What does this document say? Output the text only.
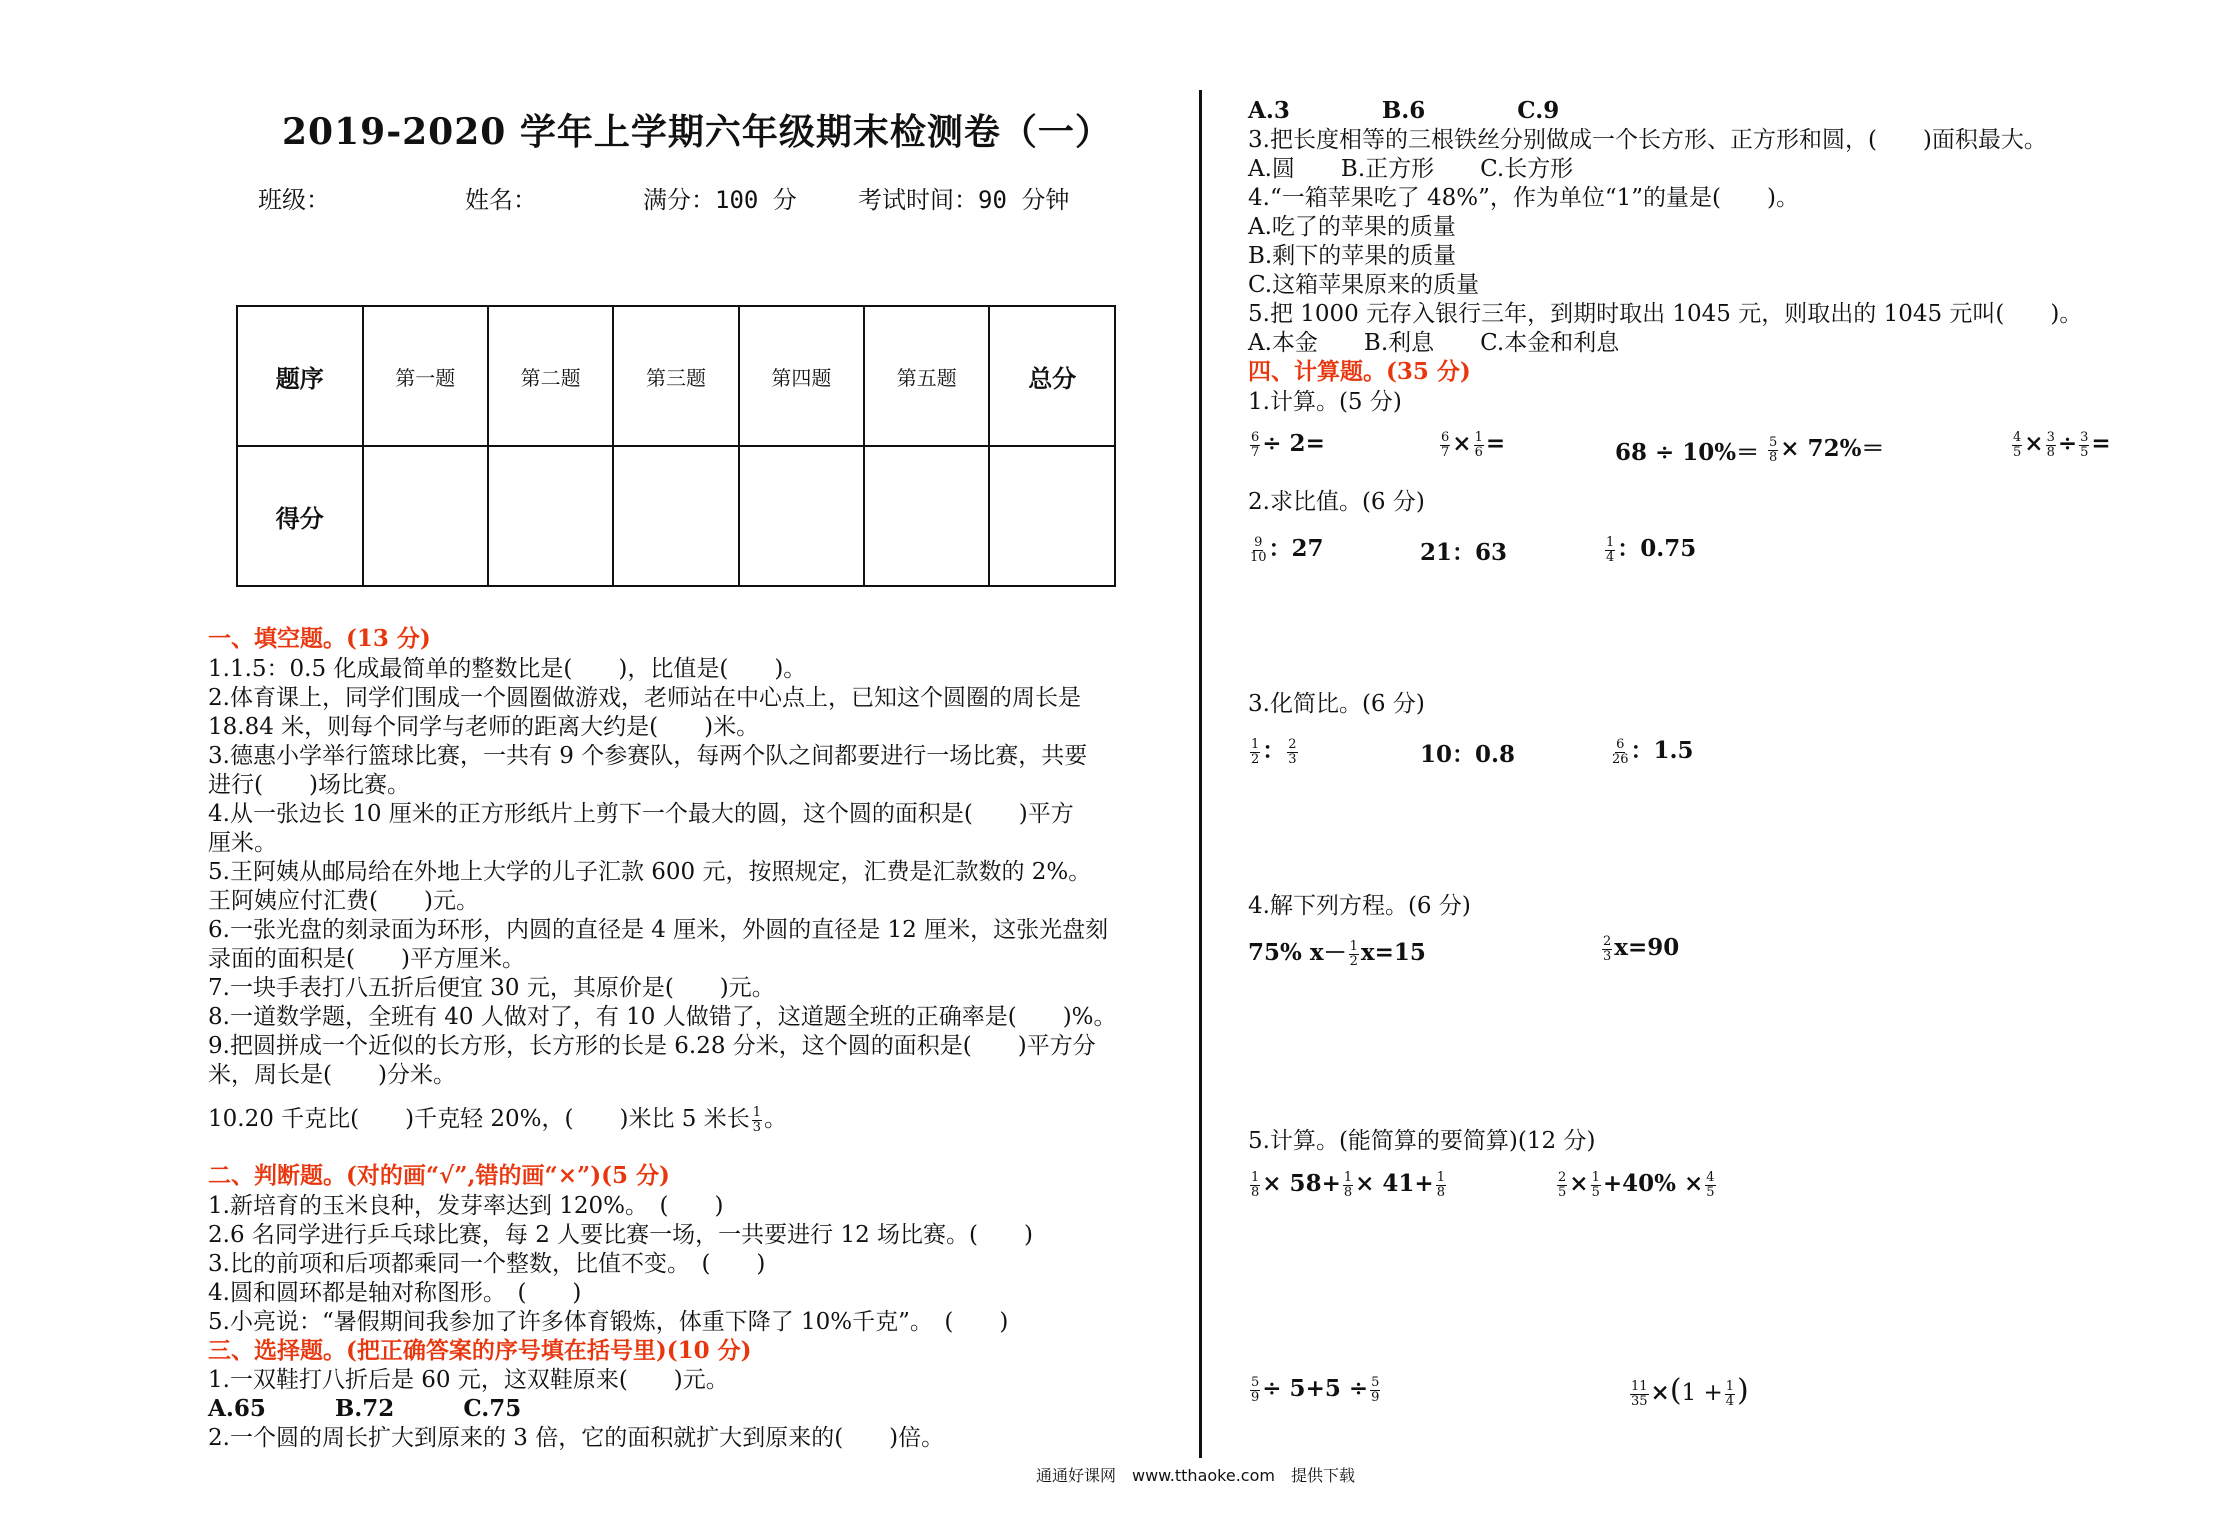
2019-2020 学年上学期六年级期末检测卷（一）
班级：	姓名：	满分：100 分	考试时间：90 分钟
题序	第一题	第二题	第三题	第四题	第五题	总分
得分						
一、填空题。(13 分)
1.1.5：0.5 化成最简单的整数比是(　　)，比值是(　　)。
2.体育课上，同学们围成一个圆圈做游戏，老师站在中心点上，已知这个圆圈的周长是
18.84 米，则每个同学与老师的距离大约是(　　)米。
3.德惠小学举行篮球比赛，一共有 9 个参赛队，每两个队之间都要进行一场比赛，共要
进行(　　)场比赛。
4.从一张边长 10 厘米的正方形纸片上剪下一个最大的圆，这个圆的面积是(　　)平方
厘米。
5.王阿姨从邮局给在外地上大学的儿子汇款 600 元，按照规定，汇费是汇款数的 2%。
王阿姨应付汇费(　　)元。
6.一张光盘的刻录面为环形，内圆的直径是 4 厘米，外圆的直径是 12 厘米，这张光盘刻
录面的面积是(　　)平方厘米。
7.一块手表打八五折后便宜 30 元，其原价是(　　)元。
8.一道数学题，全班有 40 人做对了，有 10 人做错了，这道题全班的正确率是(　　)%。
9.把圆拼成一个近似的长方形，长方形的长是 6.28 分米，这个圆的面积是(　　)平方分
米，周长是(　　)分米。
10.20 千克比(　　)千克轻 20%，(　　)米比 5 米长 $\frac{1}{3}$ 。
二、判断题。(对的画“√”,错的画“×”)(5 分)
1.新培育的玉米良种，发芽率达到 120%。　(　　)
2.6 名同学进行乒乓球比赛，每 2 人要比赛一场，一共要进行 12 场比赛。(　　)
3.比的前项和后项都乘同一个整数，比值不变。　(　　)
4.圆和圆环都是轴对称图形。　(　　)
5.小亮说：“暑假期间我参加了许多体育锻炼，体重下降了 10%千克”。　(　　)
三、选择题。(把正确答案的序号填在括号里)(10 分)
1.一双鞋打八折后是 60 元，这双鞋原来(　　)元。
A.65　　　B.72　　　C.75
2.一个圆的周长扩大到原来的 3 倍，它的面积就扩大到原来的(　　)倍。
A.3　　　　B.6　　　　C.9
3.把长度相等的三根铁丝分别做成一个长方形、正方形和圆，(　　)面积最大。
A.圆　　B.正方形　　C.长方形
4.“一箱苹果吃了 48%”，作为单位“1”的量是(　　)。
A.吃了的苹果的质量
B.剩下的苹果的质量
C.这箱苹果原来的质量
5.把 1000 元存入银行三年，到期时取出 1045 元，则取出的 1045 元叫(　　)。
A.本金　　B.利息　　C.本金和利息
四、计算题。(35 分)
1.计算。(5 分)
$\frac{6}{7} \div 2=$	$\frac{6}{7} \times \frac{1}{6}$ =	$68 \div 10\%= \frac{5}{8} \times 72\%=$	$\frac{4}{5} \times \frac{3}{8} \div \frac{3}{5}$ =
2.求比值。(6 分)
$\frac{9}{10}$ ：27	21：63	$\frac{1}{4}$ ：0.75
3.化简比。(6 分)
$\frac{1}{2}$ ： $\frac{2}{3}$	10：0.8	$\frac{6}{26}$ ：1.5
4.解下列方程。(6 分)
75% $x- \frac{1}{2} x=15$	$\frac{2}{3} x=90$
5.计算。(能简算的要简算)(12 分)
$\frac{1}{8} \times 58+ \frac{1}{8} \times 41+ \frac{1}{8}$	$\frac{2}{5} \times \frac{1}{5} +40\% \times \frac{4}{5}$
$\frac{5}{9} \div 5+5 \div \frac{5}{9}$	$\frac{11}{35} \times(1 + \frac{1}{4}$ )
通通好课网　www.tthaoke.com　提供下载
